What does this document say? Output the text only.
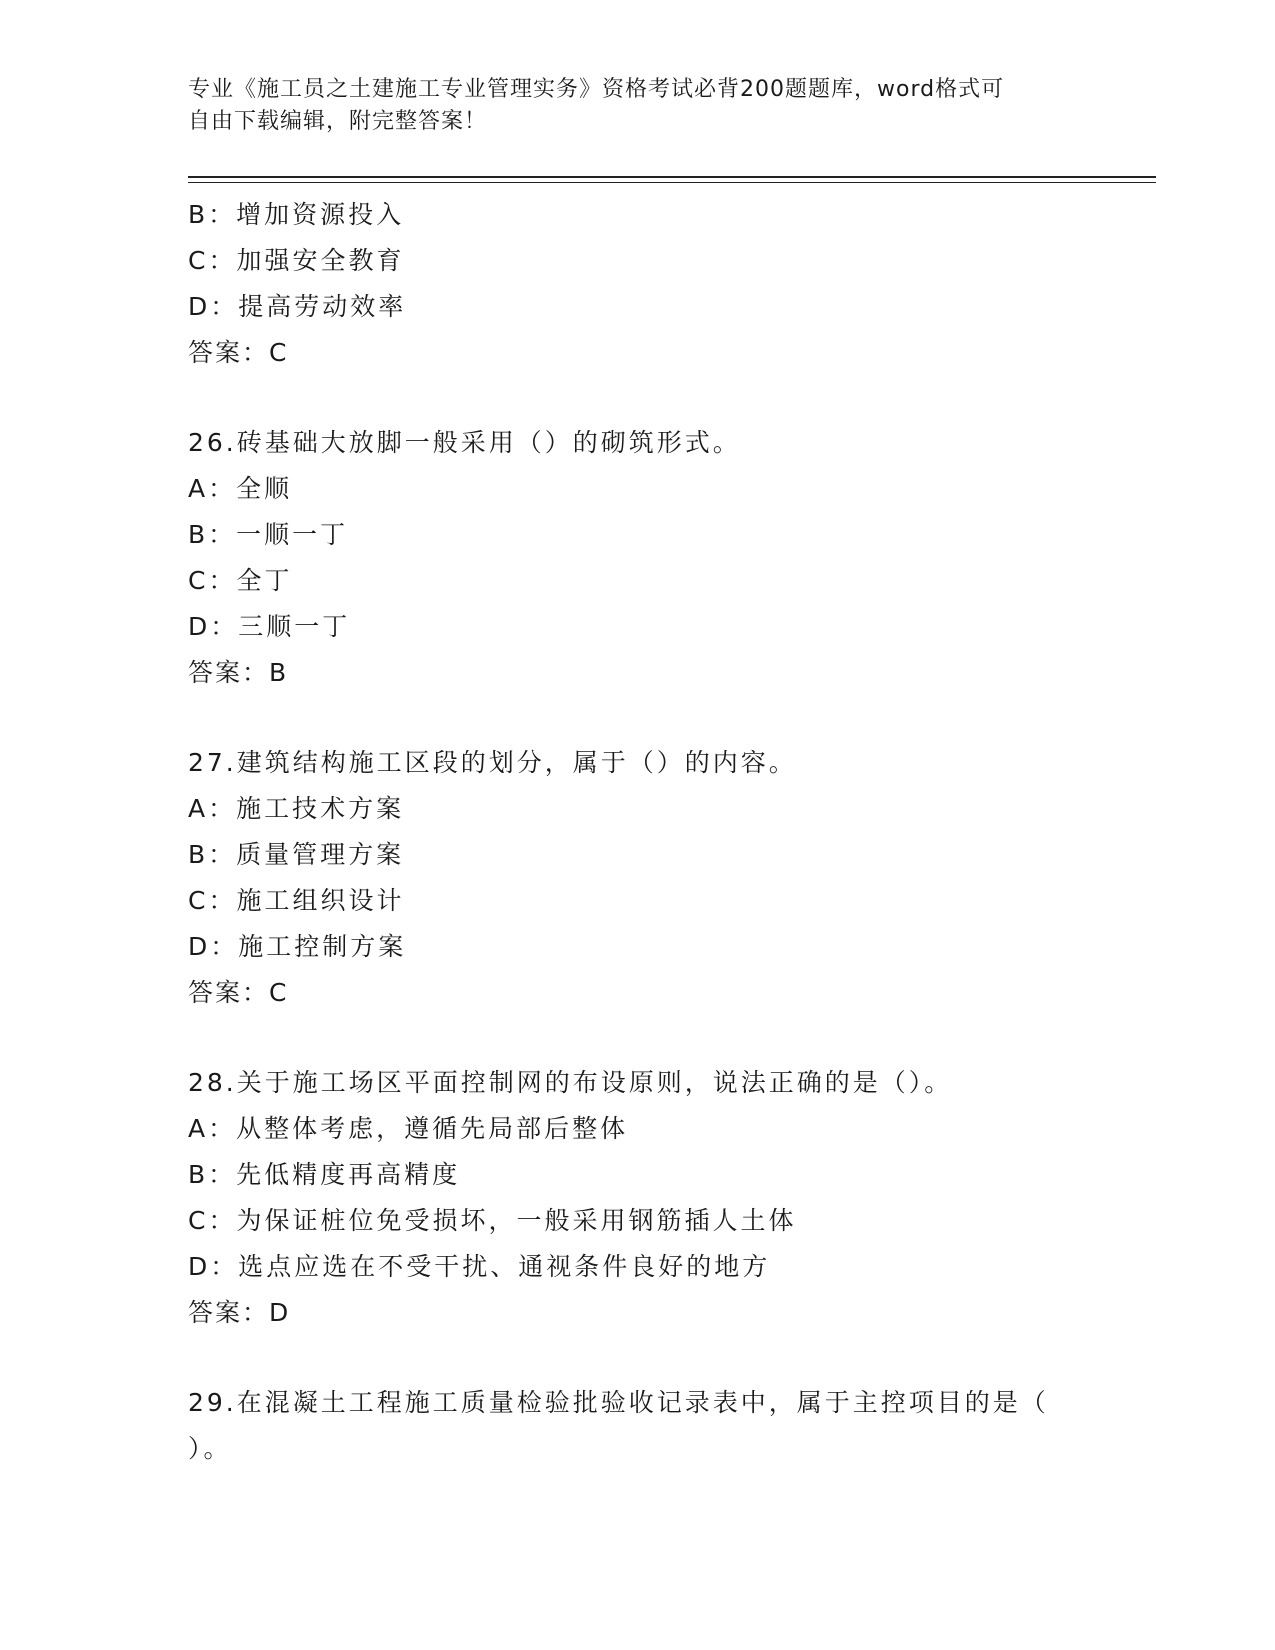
专业《施工员之土建施工专业管理实务》资格考试必背200题题库，word格式可
自由下载编辑，附完整答案！
B：增加资源投入
C：加强安全教育
D：提高劳动效率
答案：C
26.砖基础大放脚一般采用（）的砌筑形式。
A：全顺
B：一顺一丁
C：全丁
D：三顺一丁
答案：B
27.建筑结构施工区段的划分，属于（）的内容。
A：施工技术方案
B：质量管理方案
C：施工组织设计
D：施工控制方案
答案：C
28.关于施工场区平面控制网的布设原则，说法正确的是（）。
A：从整体考虑，遵循先局部后整体
B：先低精度再高精度
C：为保证桩位免受损坏，一般采用钢筋插人土体
D：选点应选在不受干扰、通视条件良好的地方
答案：D
29.在混凝土工程施工质量检验批验收记录表中，属于主控项目的是（
）。
